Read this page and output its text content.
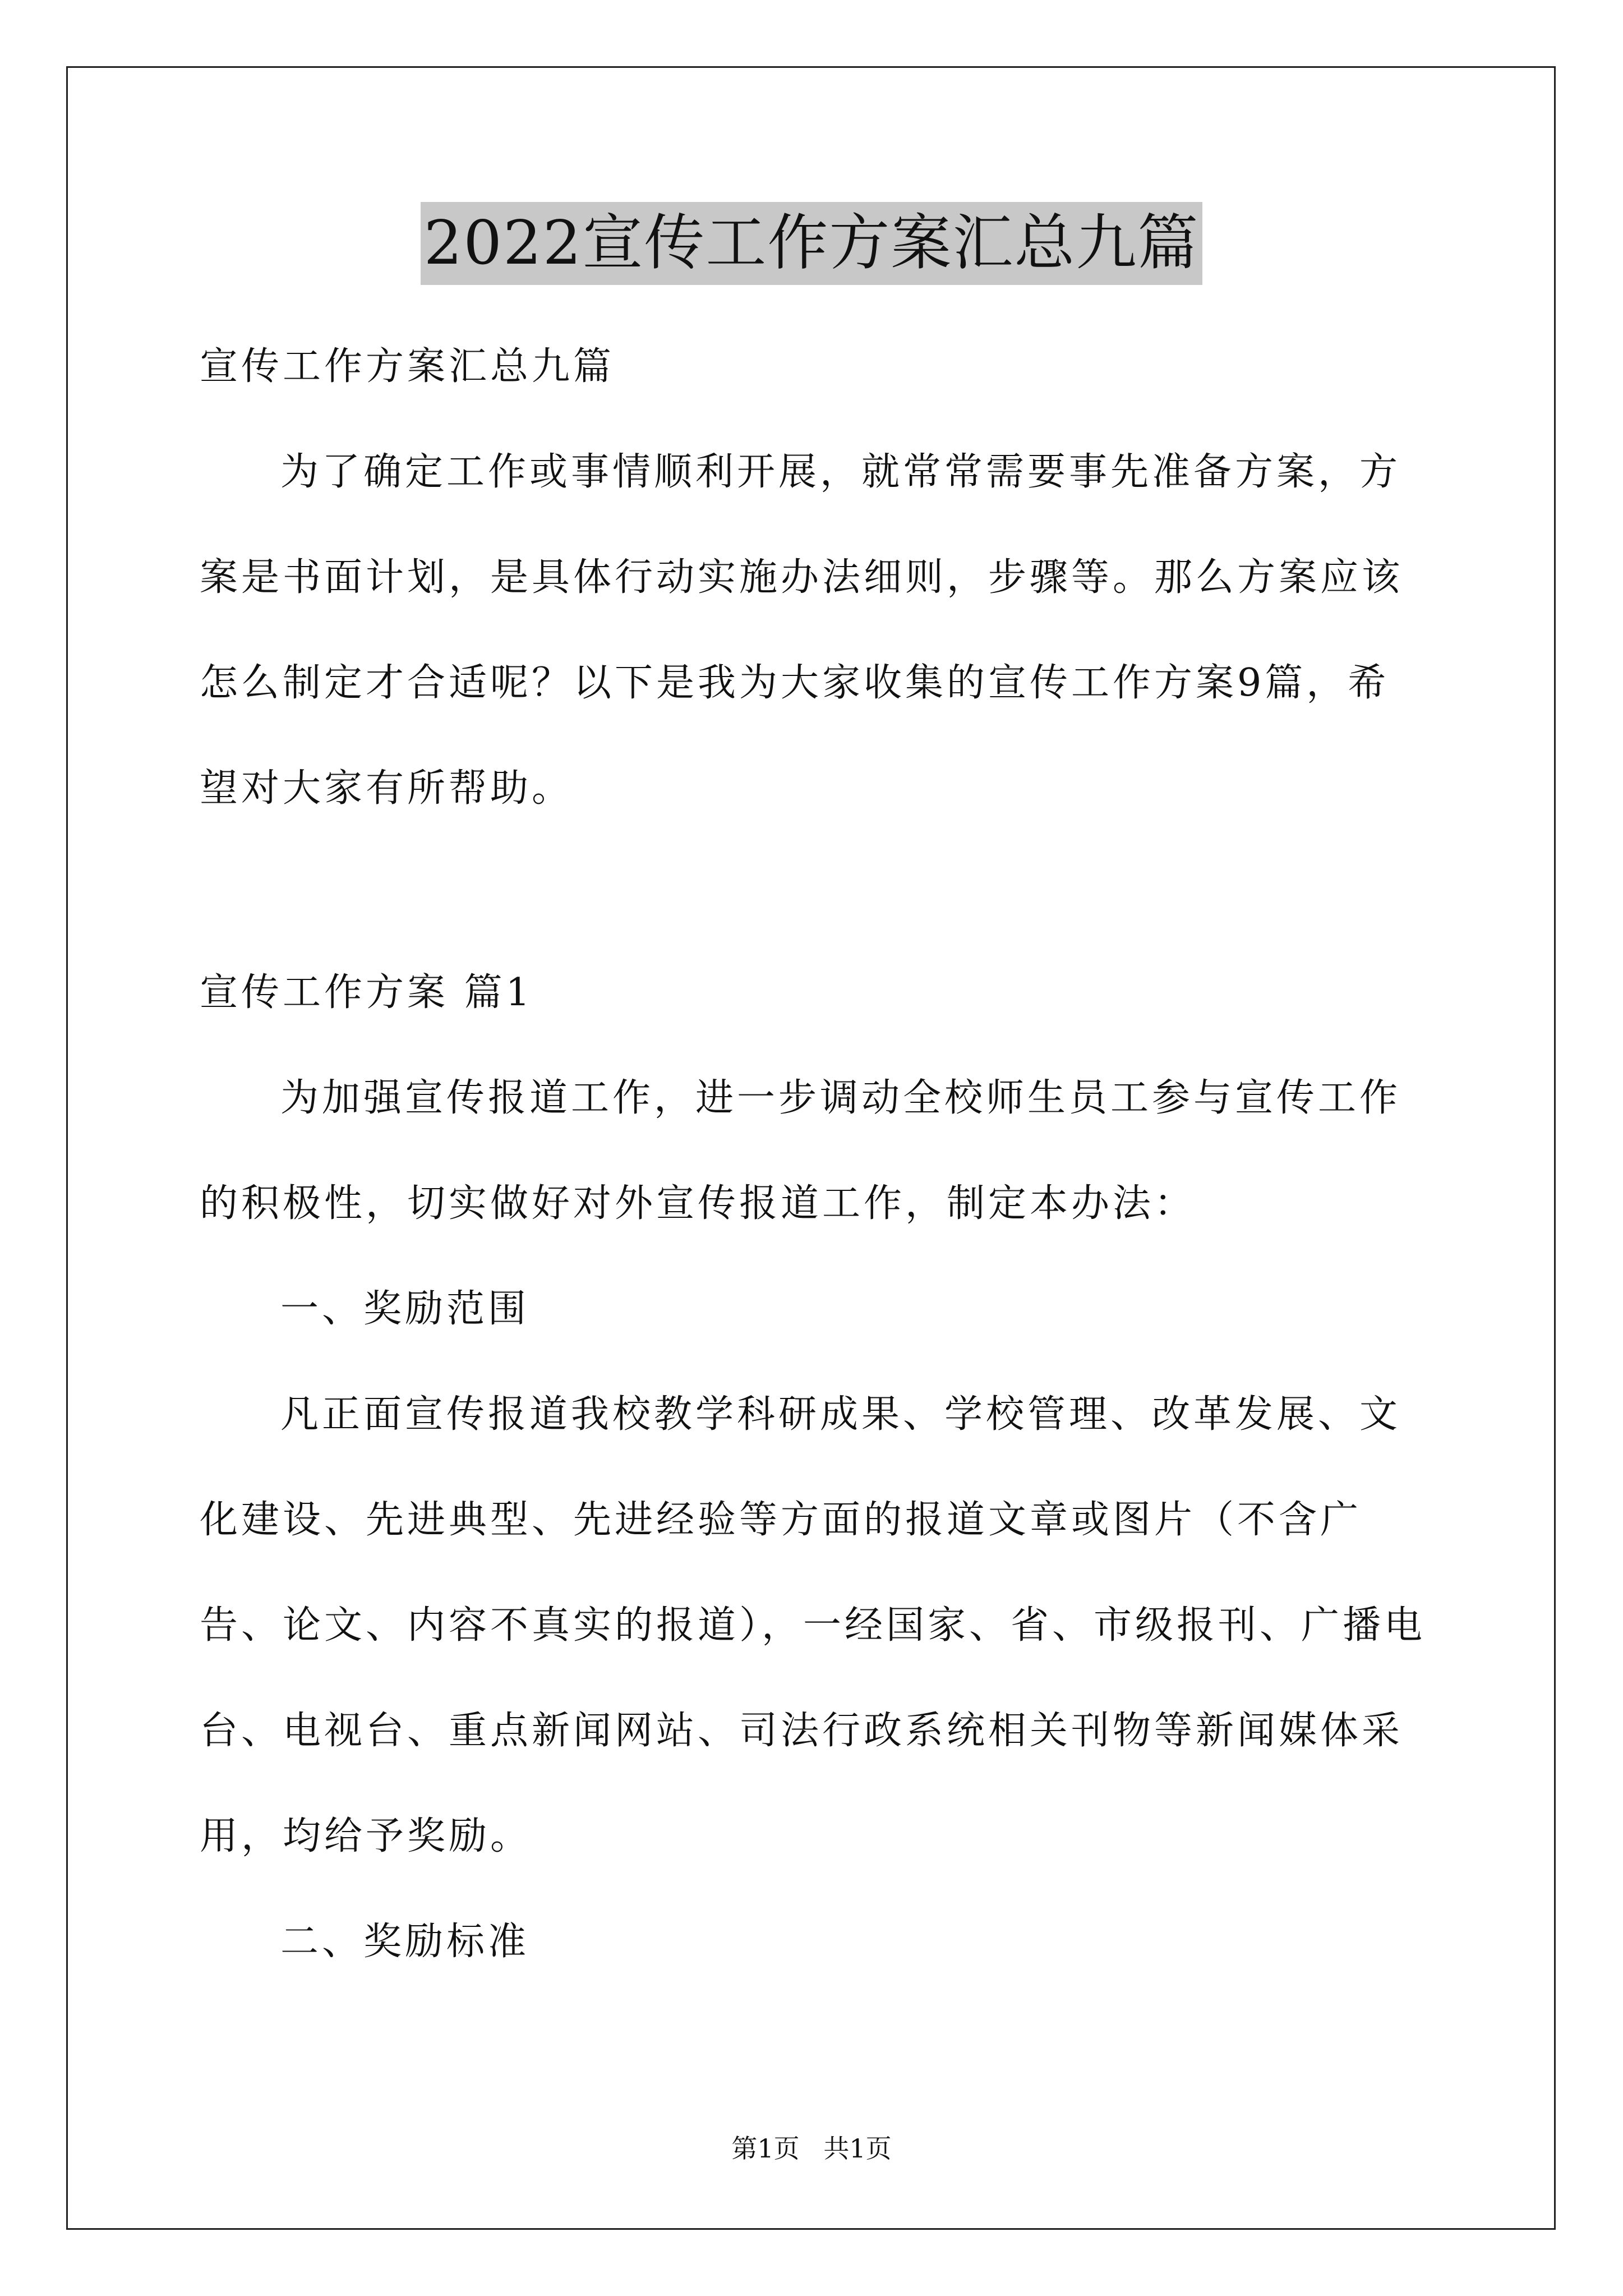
2022宣传工作方案汇总九篇

宣传工作方案汇总九篇

为了确定工作或事情顺利开展，就常常需要事先准备方案，方案是书面计划，是具体行动实施办法细则，步骤等。那么方案应该怎么制定才合适呢？以下是我为大家收集的宣传工作方案9篇，希望对大家有所帮助。

宣传工作方案 篇1

为加强宣传报道工作，进一步调动全校师生员工参与宣传工作的积极性，切实做好对外宣传报道工作，制定本办法：

一、奖励范围

凡正面宣传报道我校教学科研成果、学校管理、改革发展、文化建设、先进典型、先进经验等方面的报道文章或图片（不含广告、论文、内容不真实的报道），一经国家、省、市级报刊、广播电台、电视台、重点新闻网站、司法行政系统相关刊物等新闻媒体采用，均给予奖励。

二、奖励标准

第1页 共1页
